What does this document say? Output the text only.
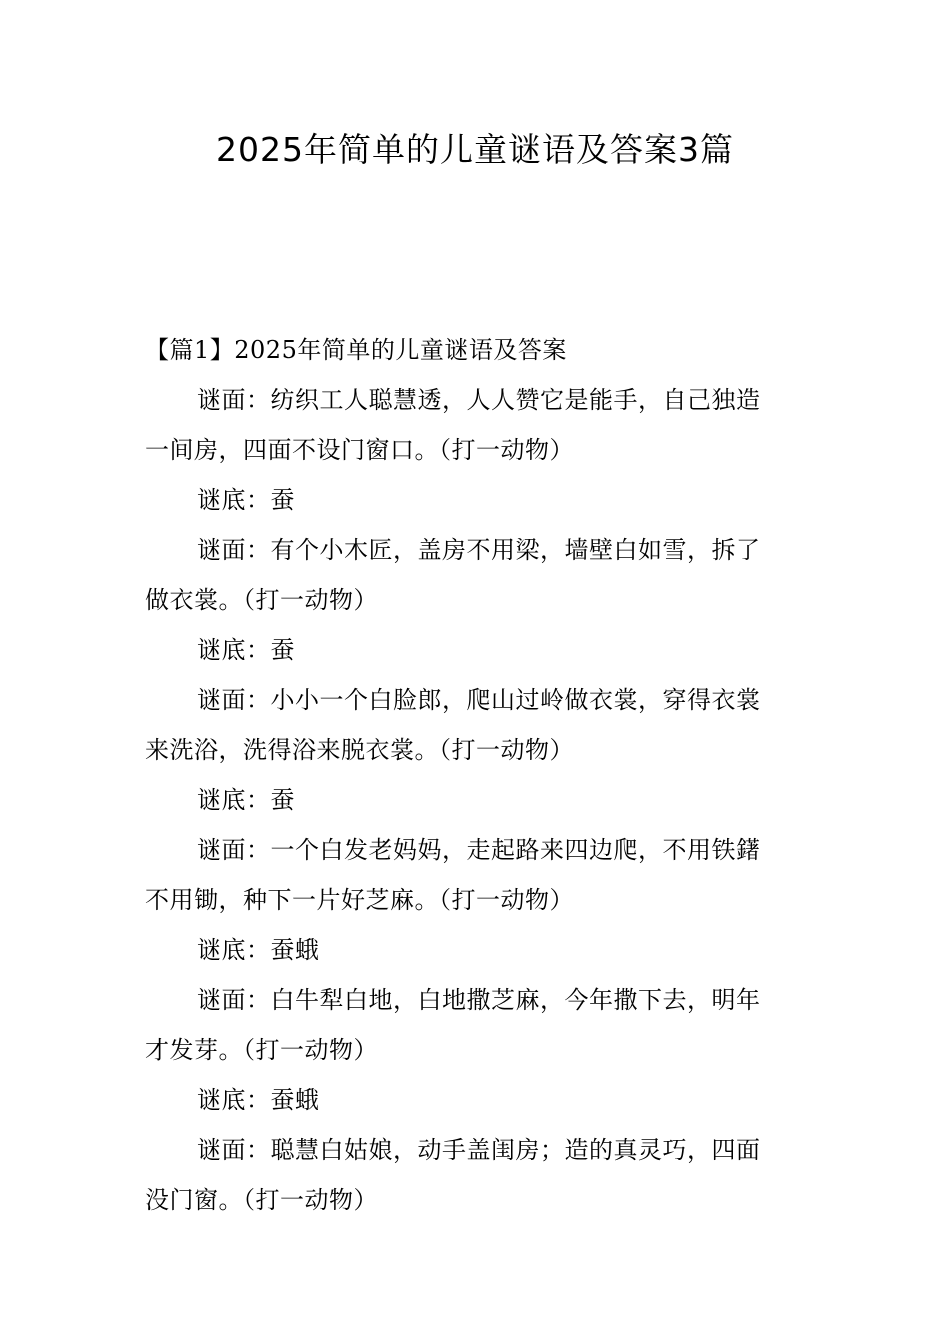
2025年简单的儿童谜语及答案3篇
【篇1】2025年简单的儿童谜语及答案
谜面：纺织工人聪慧透，人人赞它是能手，自己独造
一间房，四面不设门窗口。（打一动物）
谜底：蚕
谜面：有个小木匠，盖房不用梁，墙壁白如雪，拆了
做衣裳。（打一动物）
谜底：蚕
谜面：小小一个白脸郎，爬山过岭做衣裳，穿得衣裳
来洗浴，洗得浴来脱衣裳。（打一动物）
谜底：蚕
谜面：一个白发老妈妈，走起路来四边爬，不用铁鐯
不用锄，种下一片好芝麻。（打一动物）
谜底：蚕蛾
谜面：白牛犁白地，白地撒芝麻，今年撒下去，明年
才发芽。（打一动物）
谜底：蚕蛾
谜面：聪慧白姑娘，动手盖闺房；造的真灵巧，四面
没门窗。（打一动物）
